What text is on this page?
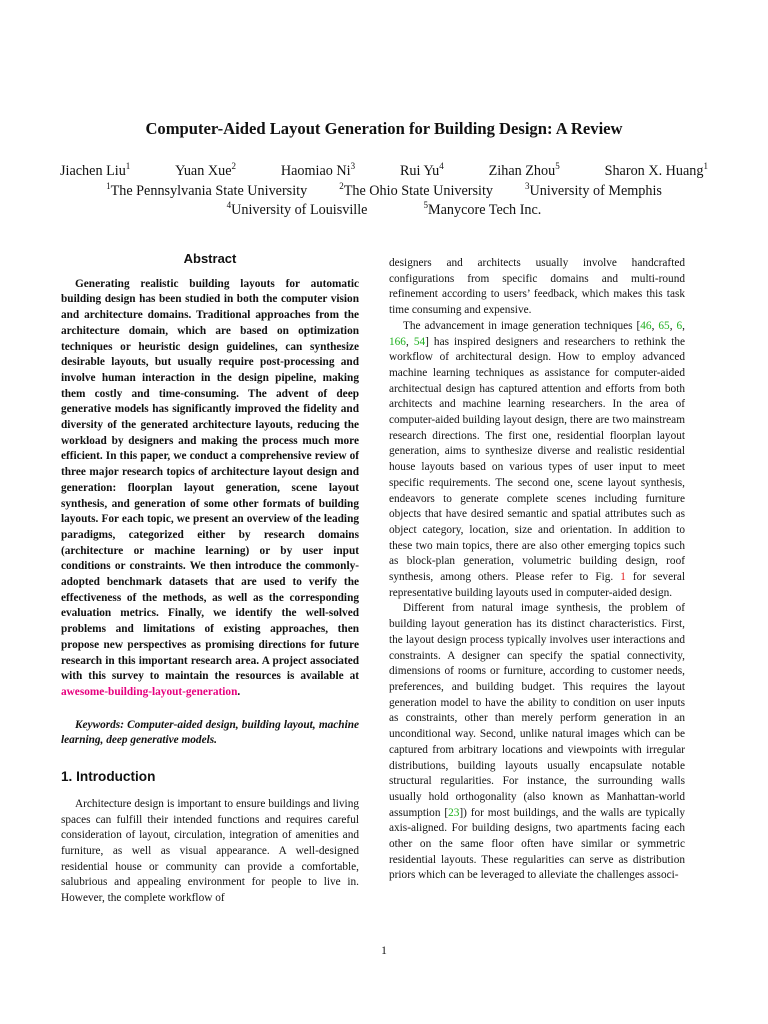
Computer-Aided Layout Generation for Building Design: A Review
Jiachen Liu$^1$	Yuan Xue$^2$	Haomiao Ni$^3$	Rui Yu$^4$	Zihan Zhou$^5$	Sharon X. Huang$^1$
$^1$The Pennsylvania State University	$^2$The Ohio State University	$^3$University of Memphis
$^4$University of Louisville	$^5$Manycore Tech Inc.
Abstract

Generating realistic building layouts for automatic building design has been studied in both the computer vision and architecture domains. Traditional approaches from the architecture domain, which are based on optimization techniques or heuristic design guidelines, can synthesize desirable layouts, but usually require post-processing and involve human interaction in the design pipeline, making them costly and time-consuming. The advent of deep generative models has significantly improved the fidelity and diversity of the generated architecture layouts, reducing the workload by designers and making the process much more efficient. In this paper, we conduct a comprehensive review of three major research topics of architecture layout design and generation: floorplan layout generation, scene layout synthesis, and generation of some other formats of building layouts. For each topic, we present an overview of the leading paradigms, categorized either by research domains (architecture or machine learning) or by user input conditions or constraints. We then introduce the commonly-adopted benchmark datasets that are used to verify the effectiveness of the methods, as well as the corresponding evaluation metrics. Finally, we identify the well-solved problems and limitations of existing approaches, then propose new perspectives as promising directions for future research in this important research area. A project associated with this survey to maintain the resources is available at awesome-building-layout-generation.

Keywords: Computer-aided design, building layout, machine learning, deep generative models.

1. Introduction

Architecture design is important to ensure buildings and living spaces can fulfill their intended functions and requires careful consideration of layout, circulation, integration of amenities and furniture, as well as visual appearance. A well-designed residential house or community can provide a comfortable, salubrious and appealing environment for people to live in. However, the complete workflow of

designers and architects usually involve handcrafted configurations from specific domains and multi-round refinement according to users’ feedback, which makes this task time consuming and expensive.

The advancement in image generation techniques [46, 65, 6, 166, 54] has inspired designers and researchers to rethink the workflow of architectural design. How to employ advanced machine learning techniques as assistance for computer-aided architectual design has captured attention and efforts from both architects and machine learning researchers. In the area of computer-aided building layout design, there are two mainstream research directions. The first one, residential floorplan layout generation, aims to synthesize diverse and realistic residential house layouts based on various types of user input to meet specific requirements. The second one, scene layout synthesis, endeavors to generate complete scenes including furniture objects that have desired semantic and spatial attributes such as object category, location, size and orientation. In addition to these two main topics, there are also other emerging topics such as block-plan generation, volumetric building design, roof synthesis, among others. Please refer to Fig. 1 for several representative building layouts used in computer-aided design.

Different from natural image synthesis, the problem of building layout generation has its distinct characteristics. First, the layout design process typically involves user interactions and constraints. A designer can specify the spatial connectivity, dimensions of rooms or furniture, according to customer needs, preferences, and building budget. This requires the layout generation model to have the ability to condition on user inputs as constraints, other than merely perform generation in an unconditional way. Second, unlike natural images which can be captured from arbitrary locations and viewpoints with irregular distributions, building layouts usually encapsulate notable structural regularities. For instance, the surrounding walls usually hold orthogonality (also known as Manhattan-world assumption [23]) for most buildings, and the walls are typically axis-aligned. For building designs, two apartments facing each other on the same floor often have similar or symmetric residential layouts. These regularities can serve as distribution priors which can be leveraged to alleviate the challenges associ-

1
